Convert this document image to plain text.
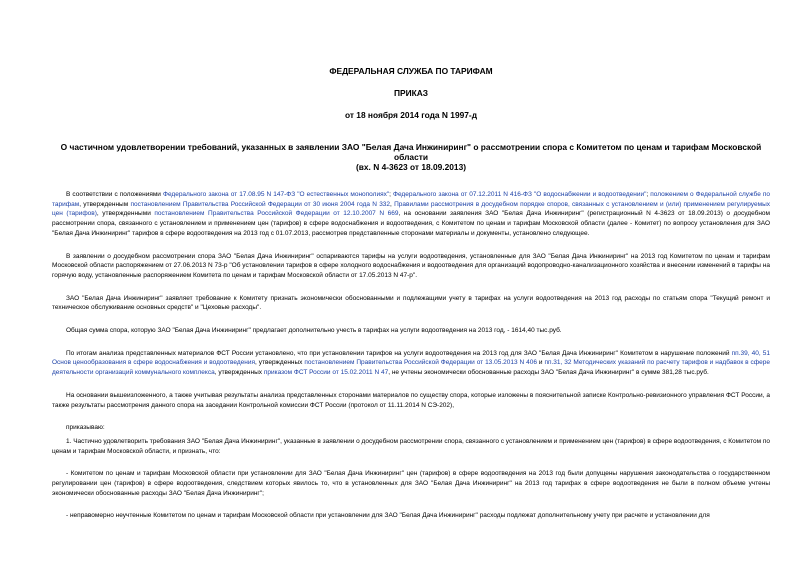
ФЕДЕРАЛЬНАЯ СЛУЖБА ПО ТАРИФАМ
ПРИКАЗ
от 18 ноября 2014 года N 1997-д
О частичном удовлетворении требований, указанных в заявлении ЗАО "Белая Дача Инжиниринг" о рассмотрении спора с Комитетом по ценам и тарифам Московской области
(вх. N 4-3623 от 18.09.2013)

В соответствии с положениями Федерального закона от 17.08.95 N 147-ФЗ "О естественных монополиях"; Федерального закона от 07.12.2011 N 416-ФЗ "О водоснабжении и водоотведении"; положением о Федеральной службе по тарифам, утвержденным постановлением Правительства Российской Федерации от 30 июня 2004 года N 332, Правилами рассмотрения в досудебном порядке споров, связанных с установлением и (или) применением регулируемых цен (тарифов), утвержденными постановлением Правительства Российской Федерации от 12.10.2007 N 669, на основании заявления ЗАО "Белая Дача Инжиниринг" (регистрационный N 4-3623 от 18.09.2013) о досудебном рассмотрении спора, связанного с установлением и применением цен (тарифов) в сфере водоснабжения и водоотведения, с Комитетом по ценам и тарифам Московской области (далее - Комитет) по вопросу установления для ЗАО "Белая Дача Инжиниринг" тарифов в сфере водоотведения на 2013 год с 01.07.2013, рассмотрев представленные сторонами материалы и документы, установлено следующее.

В заявлении о досудебном рассмотрении спора ЗАО "Белая Дача Инжиниринг" оспариваются тарифы на услуги водоотведения, установленные для ЗАО "Белая Дача Инжиниринг" на 2013 год Комитетом по ценам и тарифам Московской области распоряжением от 27.06.2013 N 73-р "Об установлении тарифов в сфере холодного водоснабжения и водоотведения для организаций водопроводно-канализационного хозяйства и внесении изменений в тарифы на горячую воду, установленные распоряжением Комитета по ценам и тарифам Московской области от 17.05.2013 N 47-р".

ЗАО "Белая Дача Инжиниринг" заявляет требование к Комитету признать экономически обоснованными и подлежащими учету в тарифах на услуги водоотведения на 2013 год расходы по статьям спора "Текущий ремонт и техническое обслуживание основных средств" и "Цеховые расходы".

Общая сумма спора, которую ЗАО "Белая Дача Инжиниринг" предлагает дополнительно учесть в тарифах на услуги водоотведения на 2013 год, - 1614,40 тыс.руб.

По итогам анализа представленных материалов ФСТ России установлено, что при установлении тарифов на услуги водоотведения на 2013 год для ЗАО "Белая Дача Инжиниринг" Комитетом в нарушение положений пп.39, 40, 51 Основ ценообразования в сфере водоснабжения и водоотведения, утвержденных постановлением Правительства Российской Федерации от 13.05.2013 N 406 и пп.31, 32 Методических указаний по расчету тарифов и надбавок в сфере деятельности организаций коммунального комплекса, утвержденных приказом ФСТ России от 15.02.2011 N 47, не учтены экономически обоснованные расходы ЗАО "Белая Дача Инжиниринг" в сумме 381,28 тыс.руб.

На основании вышеизложенного, а также учитывая результаты анализа представленных сторонами материалов по существу спора, которые изложены в пояснительной записке Контрольно-ревизионного управления ФСТ России, а также результаты рассмотрения данного спора на заседании Контрольной комиссии ФСТ России (протокол от 11.11.2014 N СЭ-202),

приказываю:

1. Частично удовлетворить требования ЗАО "Белая Дача Инжиниринг", указанные в заявлении о досудебном рассмотрении спора, связанного с установлением и применением цен (тарифов) в сфере водоотведения, с Комитетом по ценам и тарифам Московской области, и признать, что:

- Комитетом по ценам и тарифам Московской области при установлении для ЗАО "Белая Дача Инжиниринг" цен (тарифов) в сфере водоотведения на 2013 год были допущены нарушения законодательства о государственном регулировании цен (тарифов) в сфере водоотведения, следствием которых явилось то, что в установленных для ЗАО "Белая Дача Инжиниринг" на 2013 год тарифах в сфере водоотведения не были в полном объеме учтены экономически обоснованные расходы ЗАО "Белая Дача Инжиниринг";

- неправомерно неучтенные Комитетом по ценам и тарифам Московской области при установлении для ЗАО "Белая Дача Инжиниринг" расходы подлежат дополнительному учету при расчете и установлении для
